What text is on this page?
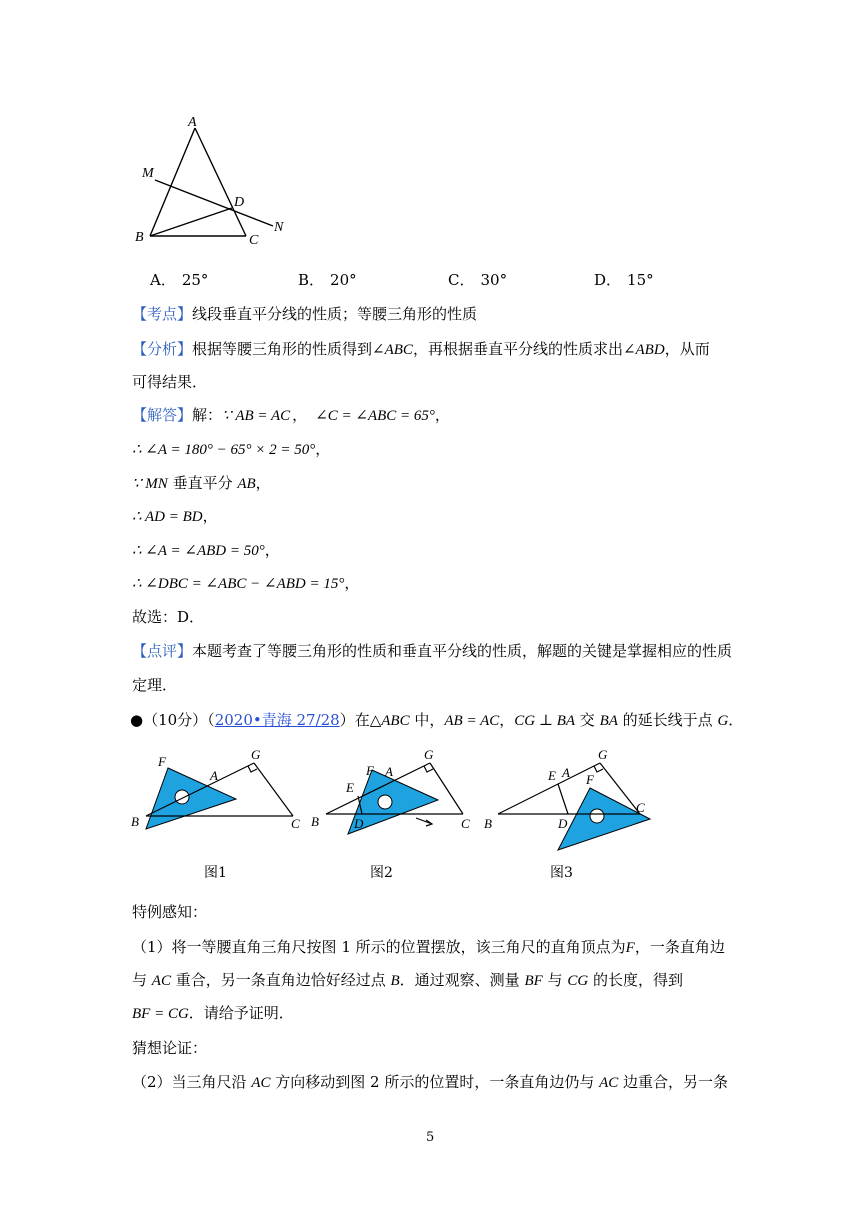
A
M
D
N
B	C
A． 25°	B． 20°	C． 30°	D． 15°
【考点】线段垂直平分线的性质；等腰三角形的性质
【分析】根据等腰三角形的性质得到∠ABC，再根据垂直平分线的性质求出∠ABD，从而
可得结果．
【解答】解：∵ AB = AC ， ∠C = ∠ABC = 65°，
∴ ∠A = 180° − 65° × 2 = 50°，
∵ MN 垂直平分 AB，
∴ AD = BD，
∴ ∠A = ∠ABD = 50°，
∴ ∠DBC = ∠ABC − ∠ABD = 15°，
故选：D．
【点评】本题考查了等腰三角形的性质和垂直平分线的性质，解题的关键是掌握相应的性质
定理．
●（10分）（2020•青海 27/28）在△ABC 中，AB = AC，CG ⊥ BA 交 BA 的延长线于点 G．
F
A
G
B	C
E
F A
G
B	D	C
E A
G
F
B	D
C
图1	图2	图3
特例感知：
（1）将一等腰直角三角尺按图 1 所示的位置摆放，该三角尺的直角顶点为F，一条直角边
与 AC 重合，另一条直角边恰好经过点 B．通过观察、测量 BF 与 CG 的长度，得到
BF = CG．请给予证明．
猜想论证：
（2）当三角尺沿 AC 方向移动到图 2 所示的位置时，一条直角边仍与 AC 边重合，另一条
5
